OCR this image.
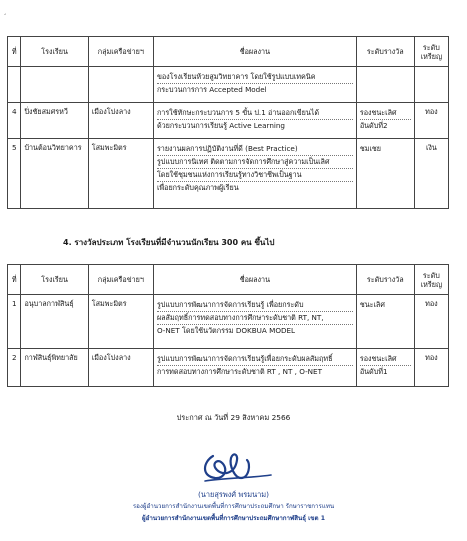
،
ที่	โรงเรียน	กลุ่มเครือข่ายฯ	ชื่อผลงาน	ระดับรางวัล	ระดับ
เหรียญ

			ของโรงเรียนห้วยสูมวิทยาคาร โดยใช้รูปแบบเทคนิค
กระบวนการการ Accepted Model		

4	ปิ่งชัยสมศรหวี	เมืองโปงลาง	การใช้ทักษะกระบวนการ 5 ขั้น ป.1 อ่านออกเขียนได้
ด้วยกระบวนการเรียนรู้ Active Learning	รองชนะเลิศ
อันดับที่2	ทอง
5	บ้านต้อนวิทยาคาร	โสมพะมิตร	รายงานผลการปฏิบัติงานที่ดี (Best Practice)
รูปแบบการนิเทศ ติดตามการจัดการศึกษาสู่ความเป็นเลิศ
โดยใช้ชุมชนแห่งการเรียนรู้ทางวิชาชีพเป็นฐาน
เพื่อยกระดับคุณภาพผู้เรียน	ชมเชย	เงิน
4. รางวัลประเภท โรงเรียนที่มีจำนวนนักเรียน 300 คน ขึ้นไป
ที่	โรงเรียน	กลุ่มเครือข่ายฯ	ชื่อผลงาน	ระดับรางวัล	ระดับ
เหรียญ
1	อนุบาลกาฬสินธุ์	โสมพะมิตร	รูปแบบการพัฒนาการจัดการเรียนรู้ เพื่อยกระดับ
ผลสัมฤทธิ์การทดสอบทางการศึกษาระดับชาติ RT, NT,
O-NET โดยใช้นวัตกรรม DOKBUA MODEL	ชนะเลิศ	ทอง
2	กาฬสินธุ์พิทยาสัย	เมืองโปงลาง	รูปแบบการพัฒนาการจัดการเรียนรู้เพื่อยกระดับผลสัมฤทธิ์
การทดสอบทางการศึกษาระดับชาติ RT , NT , O-NET	รองชนะเลิศ
อันดับที่1	ทอง
ประกาศ ณ วันที่ 29 สิงหาคม 2566
(นายสุรพงศ์ พรมนาม)
รองผู้อำนวยการสำนักงานเขตพื้นที่การศึกษาประถมศึกษา รักษาราชการแทน
ผู้อำนวยการสำนักงานเขตพื้นที่การศึกษาประถมศึกษากาฬสินธุ์ เขต 1
